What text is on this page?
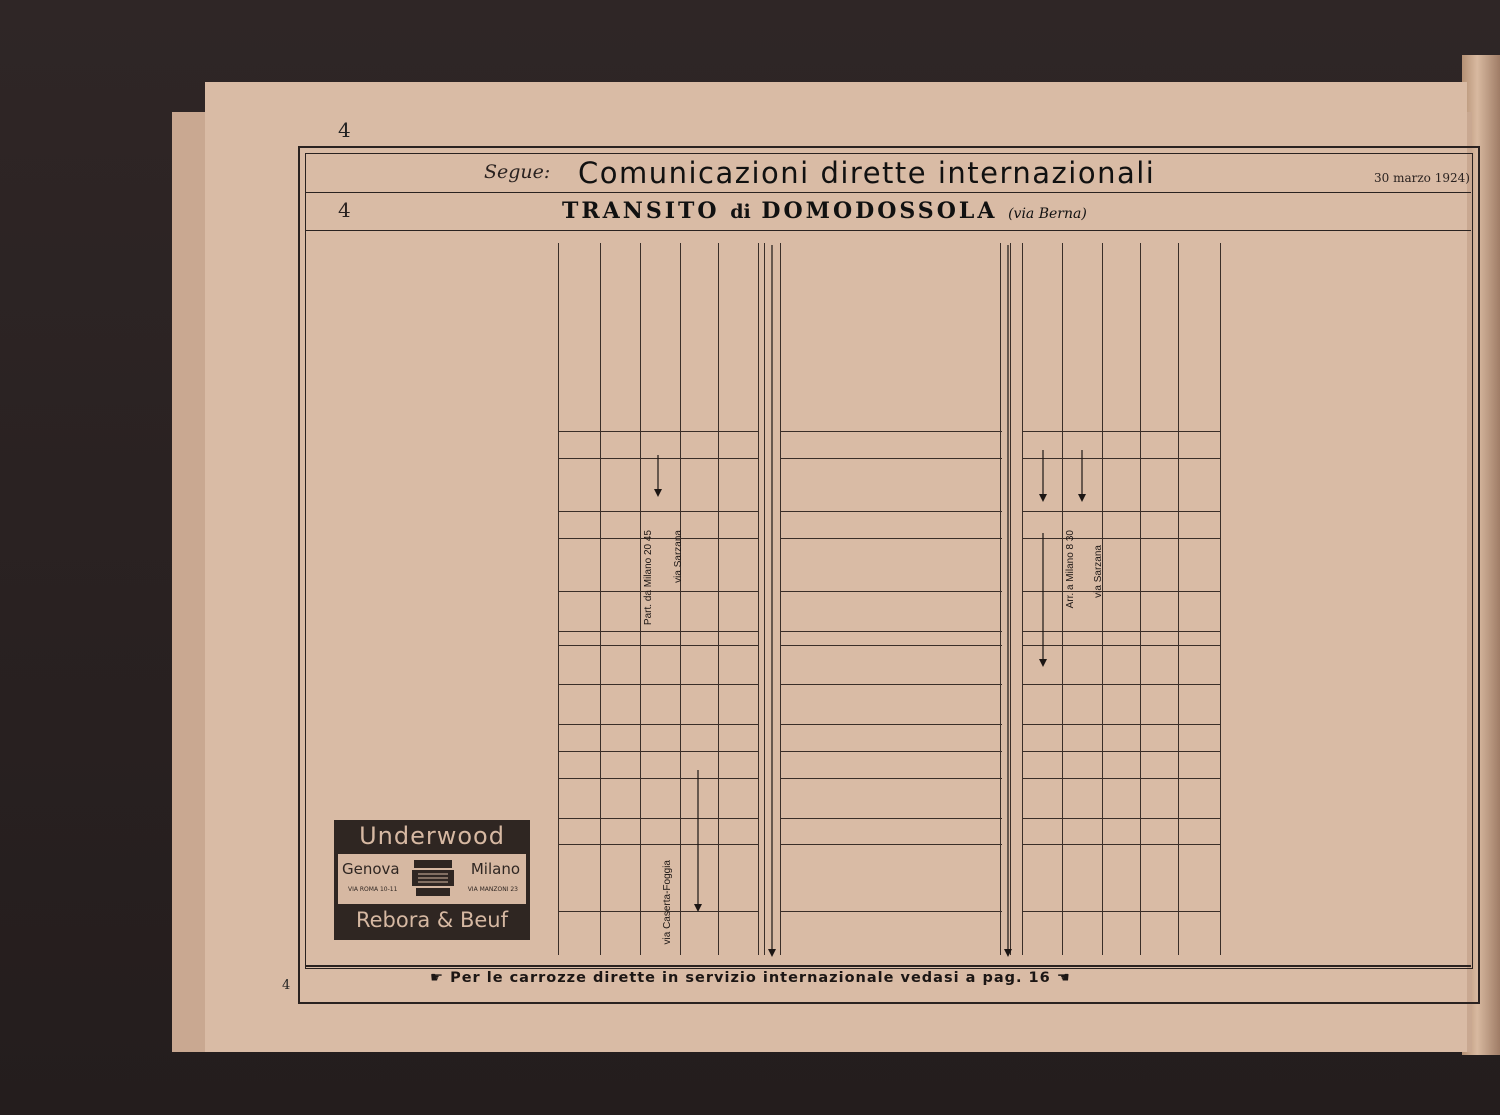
4
4
Segue: Comunicazioni dirette internazionali	30 marzo 1924)
4	TRANSITO di DOMODOSSOLA (via Berna)
Part. da Milano 20 45 via Sarzana
via Caserta-Foggia
Arr. a Milano 8 30 via Sarzana
Underwood
Genova	Milano
VIA ROMA 10-11	VIA MANZONI 23
Rebora & Beuf
☛ Per le carrozze dirette in servizio internazionale vedasi a pag. 16 ☚
